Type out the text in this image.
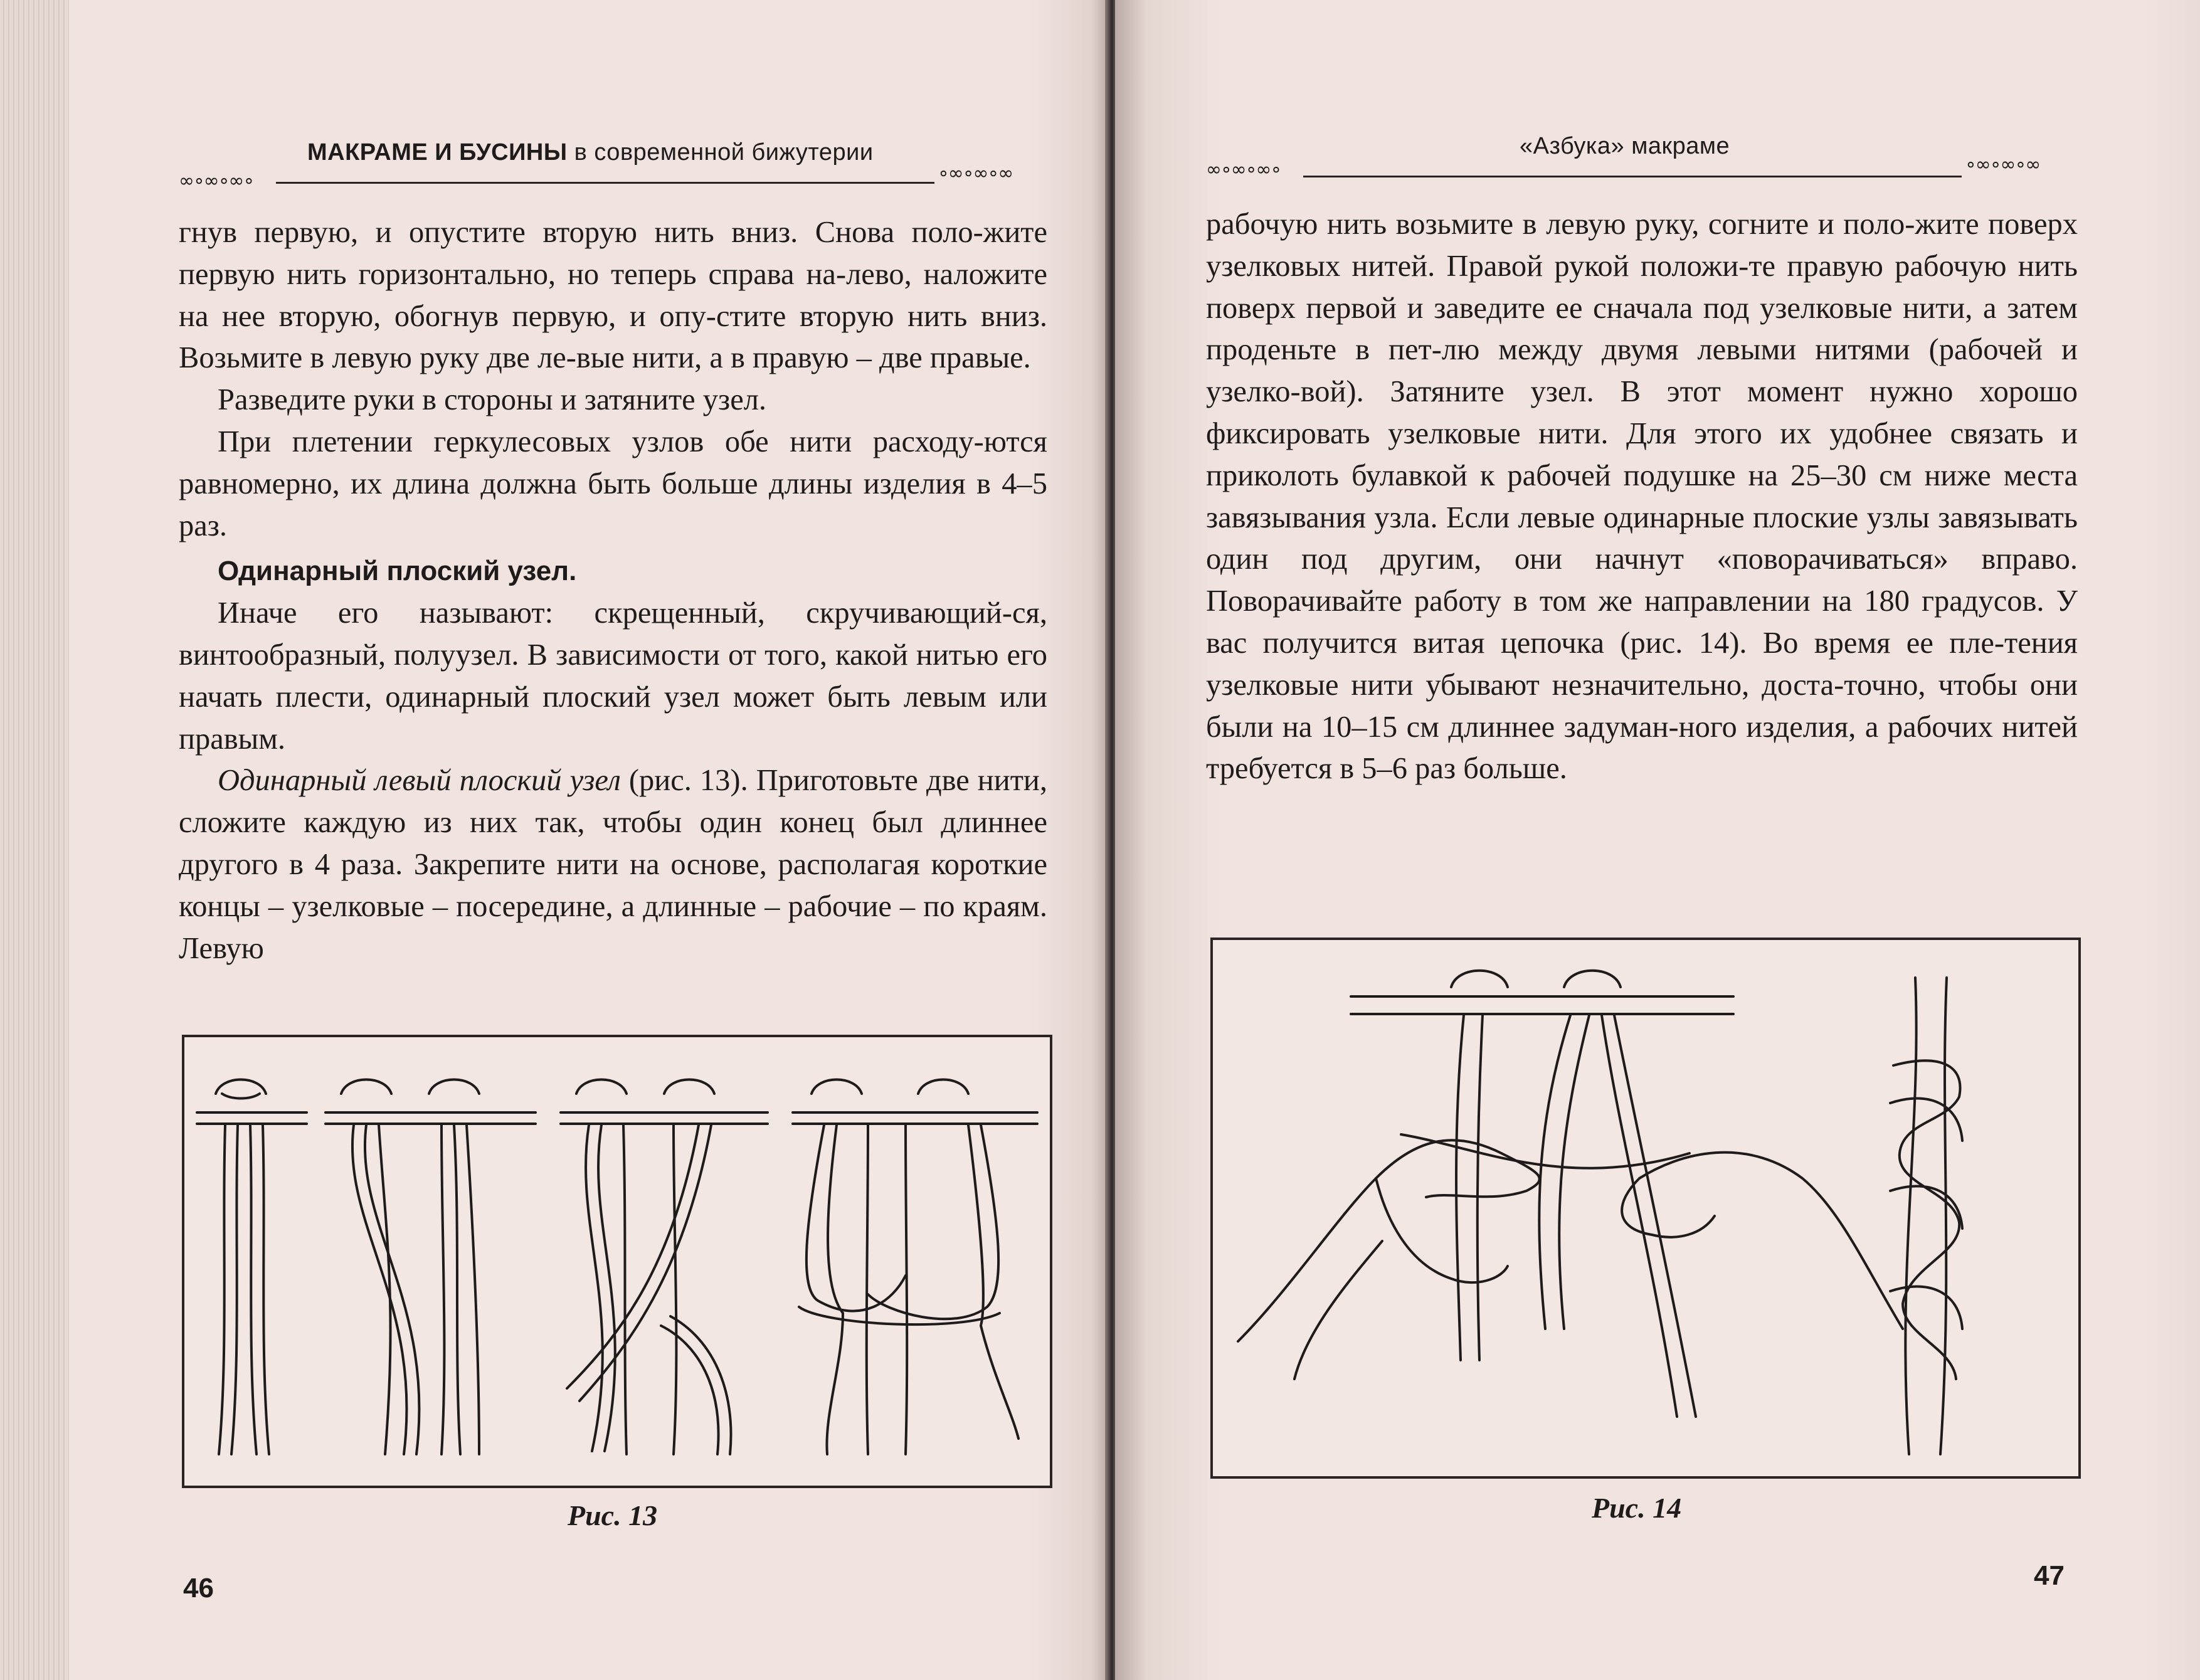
МАКРАМЕ И БУСИНЫ в современной бижутерии
∞∘∞∘∞∘	∘∞∘∞∘∞

гнув первую, и опустите вторую нить вниз. Снова поло-жите первую нить горизонтально, но теперь справа на-лево, наложите на нее вторую, обогнув первую, и опу-стите вторую нить вниз. Возьмите в левую руку две ле-вые нити, а в правую – две правые.

Разведите руки в стороны и затяните узел.

При плетении геркулесовых узлов обе нити расходу-ются равномерно, их длина должна быть больше длины изделия в 4–5 раз.

Одинарный плоский узел.

Иначе его называют: скрещенный, скручивающий-ся, винтообразный, полуузел. В зависимости от того, какой нитью его начать плести, одинарный плоский узел может быть левым или правым.

Одинарный левый плоский узел (рис. 13). Приготовьте две нити, сложите каждую из них так, чтобы один конец был длиннее другого в 4 раза. Закрепите нити на основе, располагая короткие концы – узелковые – посередине, а длинные – рабочие – по краям. Левую

Рис. 13
46
«Азбука» макраме
∞∘∞∘∞∘	∘∞∘∞∘∞

рабочую нить возьмите в левую руку, согните и поло-жите поверх узелковых нитей. Правой рукой положи-те правую рабочую нить поверх первой и заведите ее сначала под узелковые нити, а затем проденьте в пет-лю между двумя левыми нитями (рабочей и узелко-вой). Затяните узел. В этот момент нужно хорошо фиксировать узелковые нити. Для этого их удобнее связать и приколоть булавкой к рабочей подушке на 25–30 см ниже места завязывания узла. Если левые одинарные плоские узлы завязывать один под другим, они начнут «поворачиваться» вправо. Поворачивайте работу в том же направлении на 180 градусов. У вас получится витая цепочка (рис. 14). Во время ее пле-тения узелковые нити убывают незначительно, доста-точно, чтобы они были на 10–15 см длиннее задуман-ного изделия, а рабочих нитей требуется в 5–6 раз больше.

Рис. 14
47
